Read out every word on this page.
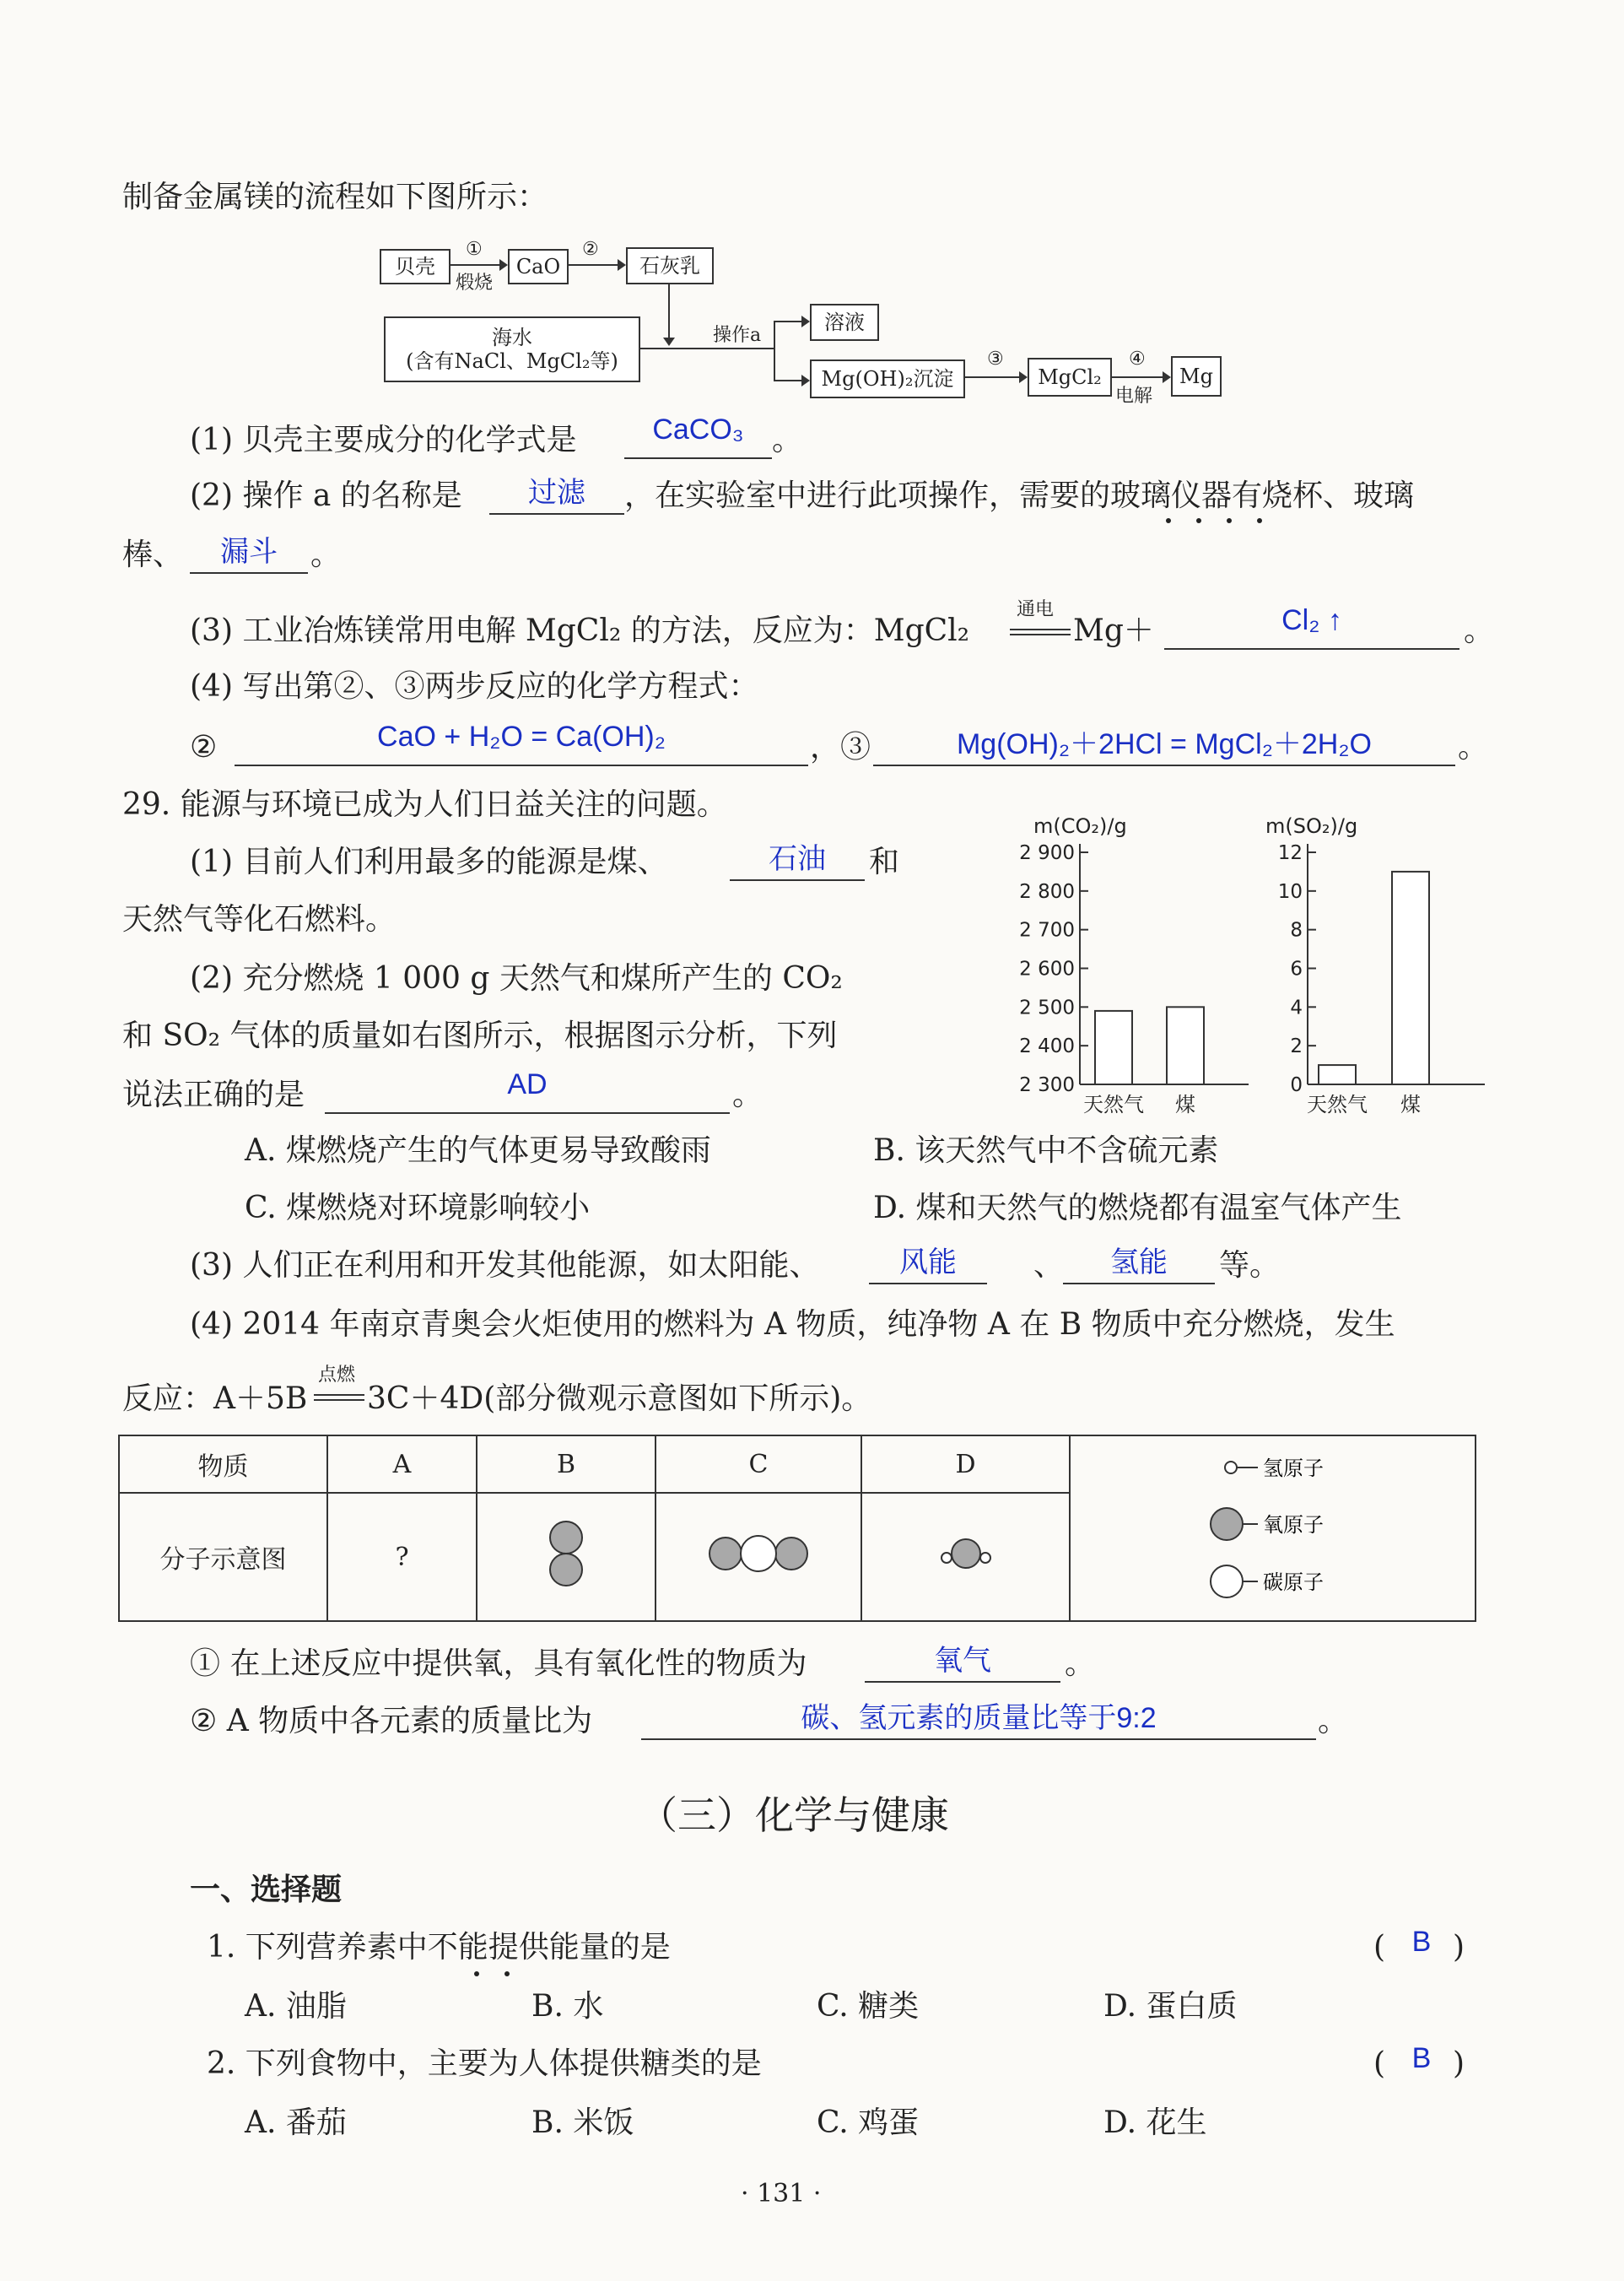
制备金属镁的流程如下图所示：
贝壳
①
煅烧
CaO
②
石灰乳
海水
(含有NaCl、MgCl₂等)
操作a
溶液
Mg(OH)₂沉淀
③
MgCl₂
④
电解
Mg
(1) 贝壳主要成分的化学式是	CaCO₃ 。
(2) 操作 a 的名称是	过滤	，在实验室中进行此项操作，需要的玻璃仪器有烧杯、玻璃
棒、	漏斗	。
(3) 工业冶炼镁常用电解 MgCl₂ 的方法，反应为：MgCl₂
通电
Mg＋	Cl₂ ↑	。
(4) 写出第②、③两步反应的化学方程式：
②	CaO + H₂O = Ca(OH)₂	，③	Mg(OH)₂＋2HCl = MgCl₂＋2H₂O	。
29. 能源与环境已成为人们日益关注的问题。
(1) 目前人们利用最多的能源是煤、	石油	和
天然气等化石燃料。
(2) 充分燃烧 1 000 g 天然气和煤所产生的 CO₂
和 SO₂ 气体的质量如右图所示，根据图示分析，下列
说法正确的是	AD	。
m(CO₂)/g
2 300
2 400
2 500
2 600
2 700
2 800
2 900
天然气 煤
m(SO₂)/g
0
2
4
6
8
10
12
天然气 煤
A. 煤燃烧产生的气体更易导致酸雨	B. 该天然气中不含硫元素
C. 煤燃烧对环境影响较小	D. 煤和天然气的燃烧都有温室气体产生
(3) 人们正在利用和开发其他能源，如太阳能、	风能	、	氢能	等。
(4) 2014 年南京青奥会火炬使用的燃料为 A 物质，纯净物 A 在 B 物质中充分燃烧，发生
反应：A＋5B
点燃
3C＋4D(部分微观示意图如下所示)。
物质	A	B	C	D	氢原子
氧原子
碳原子

分子示意图	?			
① 在上述反应中提供氧，具有氧化性的物质为	氧气	。
② A 物质中各元素的质量比为	碳、氢元素的质量比等于9:2	。
（三）化学与健康
一、选择题
1. 下列营养素中不能提供能量的是	( B )
A. 油脂	B. 水	C. 糖类	D. 蛋白质
2. 下列食物中，主要为人体提供糖类的是	( B )
A. 番茄	B. 米饭	C. 鸡蛋	D. 花生
· 131 ·
